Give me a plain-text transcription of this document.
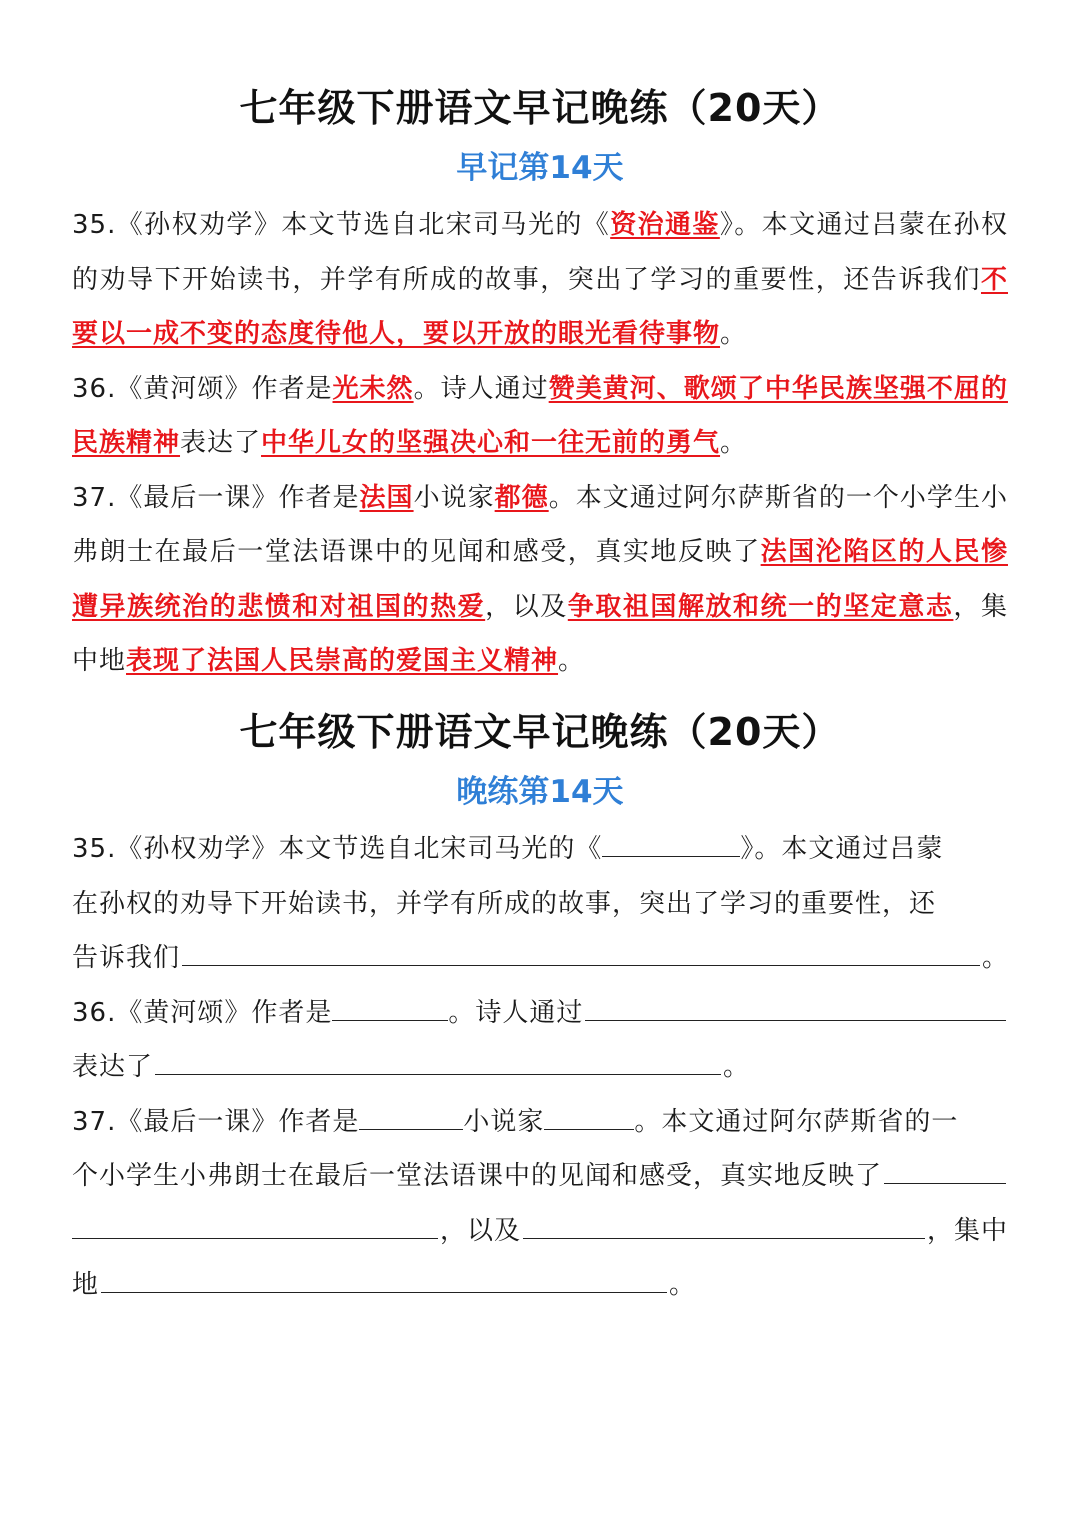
七年级下册语文早记晚练（20天）
早记第14天
35.《孙权劝学》本文节选自北宋司马光的《资治通鉴》。本文通过吕蒙在孙权的劝导下开始读书，并学有所成的故事，突出了学习的重要性，还告诉我们不要以一成不变的态度待他人，要以开放的眼光看待事物。
36.《黄河颂》作者是光未然。诗人通过赞美黄河、歌颂了中华民族坚强不屈的民族精神表达了中华儿女的坚强决心和一往无前的勇气。
37.《最后一课》作者是法国小说家都德。本文通过阿尔萨斯省的一个小学生小弗朗士在最后一堂法语课中的见闻和感受，真实地反映了法国沦陷区的人民惨遭异族统治的悲愤和对祖国的热爱，以及争取祖国解放和统一的坚定意志，集中地表现了法国人民崇高的爱国主义精神。
七年级下册语文早记晚练（20天）
晚练第14天
35.《孙权劝学》本文节选自北宋司马光的《	》。本文通过吕蒙
在孙权的劝导下开始读书，并学有所成的故事，突出了学习的重要性，还
告诉我们	。
36.《黄河颂》作者是	。诗人通过
表达了	。
37.《最后一课》作者是	小说家	。本文通过阿尔萨斯省的一
个小学生小弗朗士在最后一堂法语课中的见闻和感受，真实地反映了
，以及	，集中
地	。
